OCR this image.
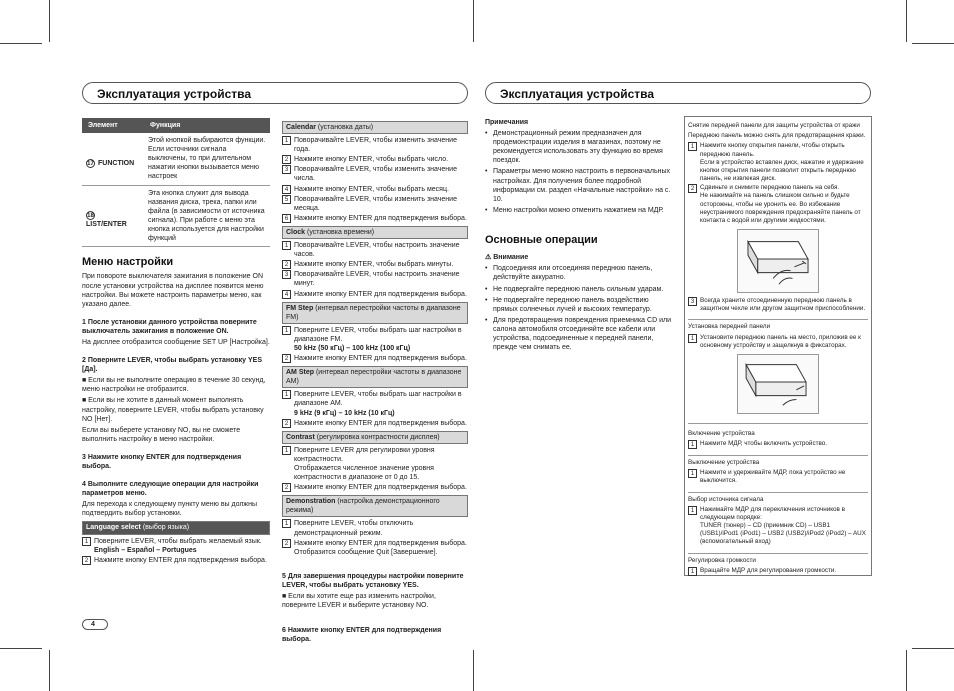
Эксплуатация устройства	Эксплуатация устройства
Элемент	Функция
17 FUNCTION	Этой кнопкой выбираются функции. Если источники сигнала выключены, то при длительном нажатии кнопки вызывается меню настроек
18
LIST/ENTER	Эта кнопка служит для вывода названия диска, трека, папки или файла (в зависимости от источника сигнала). При работе с меню эта кнопка используется для настройки функций
Меню настройки

При повороте выключателя зажигания в положение ON после установки устройства на дисплее появится меню настройки. Вы можете настроить параметры меню, как указано далее.

1 После установки данного устройства поверните выключатель зажигания в положение ON.

На дисплее отобразится сообщение SET UP [Настройка].

2 Поверните LEVER, чтобы выбрать установку YES [Да].

■ Если вы не выполните операцию в течение 30 секунд, меню настройки не отобразится.

■ Если вы не хотите в данный момент выполнять настройку, поверните LEVER, чтобы выбрать установку NO [Нет].

Если вы выберете установку NO, вы не сможете выполнить настройку в меню настройки.

3 Нажмите кнопку ENTER для подтверждения выбора.

4 Выполните следующие операции для настройки параметров меню.

Для перехода к следующему пункту меню вы должны подтвердить выбор установки.

Language select (выбор языка)
1 Поверните LEVER, чтобы выбрать желаемый язык.
English – Español – Portugues
2 Нажмите кнопку ENTER для подтверждения выбора.
Calendar (установка даты)
1 Поворачивайте LEVER, чтобы изменить значение года.
2 Нажмите кнопку ENTER, чтобы выбрать число.
3 Поворачивайте LEVER, чтобы изменить значение числа.
4 Нажмите кнопку ENTER, чтобы выбрать месяц.
5 Поворачивайте LEVER, чтобы изменить значение месяца.
6 Нажмите кнопку ENTER для подтверждения выбора.
Clock (установка времени)
1 Поворачивайте LEVER, чтобы настроить значение часов.
2 Нажмите кнопку ENTER, чтобы выбрать минуты.
3 Поворачивайте LEVER, чтобы настроить значение минут.
4 Нажмите кнопку ENTER для подтверждения выбора.
FM Step (интервал перестройки частоты в диапазоне FM)
1 Поверните LEVER, чтобы выбрать шаг настройки в диапазоне FM.
50 kHz (50 кГц) – 100 kHz (100 кГц)
2 Нажмите кнопку ENTER для подтверждения выбора.
AM Step (интервал перестройки частоты в диапазоне AM)
1 Поверните LEVER, чтобы выбрать шаг настройки в диапазоне AM.
9 kHz (9 кГц) – 10 kHz (10 кГц)
2 Нажмите кнопку ENTER для подтверждения выбора.
Contrast (регулировка контрастности дисплея)
1 Поверните LEVER для регулировки уровня контрастности.
Отображается численное значение уровня контрастности в диапазоне от 0 до 15.
2 Нажмите кнопку ENTER для подтверждения выбора.
Demonstration (настройка демонстрационного режима)
1 Поверните LEVER, чтобы отключить демонстрационный режим.
2 Нажмите кнопку ENTER для подтверждения выбора. Отобразится сообщение Quit [Завершение].

5 Для завершения процедуры настройки поверните LEVER, чтобы выбрать установку YES.

■ Если вы хотите еще раз изменить настройки, поверните LEVER и выберите установку NO.

6 Нажмите кнопку ENTER для подтверждения выбора.

Примечания

• Демонстрационный режим предназначен для продемонстрации изделия в магазинах, поэтому не рекомендуется использовать эту функцию во время поездок.
• Параметры меню можно настроить в первоначальных настройках. Для получения более подробной информации см. раздел «Начальные настройки» на с. 10.
• Меню настройки можно отменить нажатием на МДР.
Основные операции

⚠ Внимание

• Подсоединяя или отсоединяя переднюю панель, действуйте аккуратно.
• Не подвергайте переднюю панель сильным ударам.
• Не подвергайте переднюю панель воздействию прямых солнечных лучей и высоких температур.
• Для предотвращения повреждения приемника CD или салона автомобиля отсоединяйте все кабели или устройства, подсоединенные к передней панели, прежде чем снимать ее.

Снятие передней панели для защиты устройства от кражи

Переднюю панель можно снять для предотвращения кражи.

1 Нажмите кнопку открытия панели, чтобы открыть переднюю панель.
Если в устройство вставлен диск, нажатие и удержание кнопки открытия панели позволит открыть переднюю панель, не извлекая диск.
2 Сдвиньте и снимите переднюю панель на себя.
Не нажимайте на панель слишком сильно и будьте осторожны, чтобы не уронить ее. Во избежание неустранимого повреждения предохраняйте панель от контакта с водой или другими жидкостями.
3 Всегда храните отсоединенную переднюю панель в защитном чехле или другом защитном приспособлении.

Установка передней панели

1 Установите переднюю панель на место, приложив ее к основному устройству и защелкнув в фиксаторах.

Включение устройства

1 Нажмите МДР, чтобы включить устройство.

Выключение устройства

1 Нажмите и удерживайте МДР, пока устройство не выключится.

Выбор источника сигнала

1 Нажимайте МДР для переключения источников в следующем порядке:
TUNER (тюнер) – CD (приемник CD) – USB1 (USB1)/iPod1 (iPod1) – USB2 (USB2)/iPod2 (iPod2) – AUX (вспомогательный вход)

Регулировка громкости

1 Вращайте МДР для регулирования громкости.
4
